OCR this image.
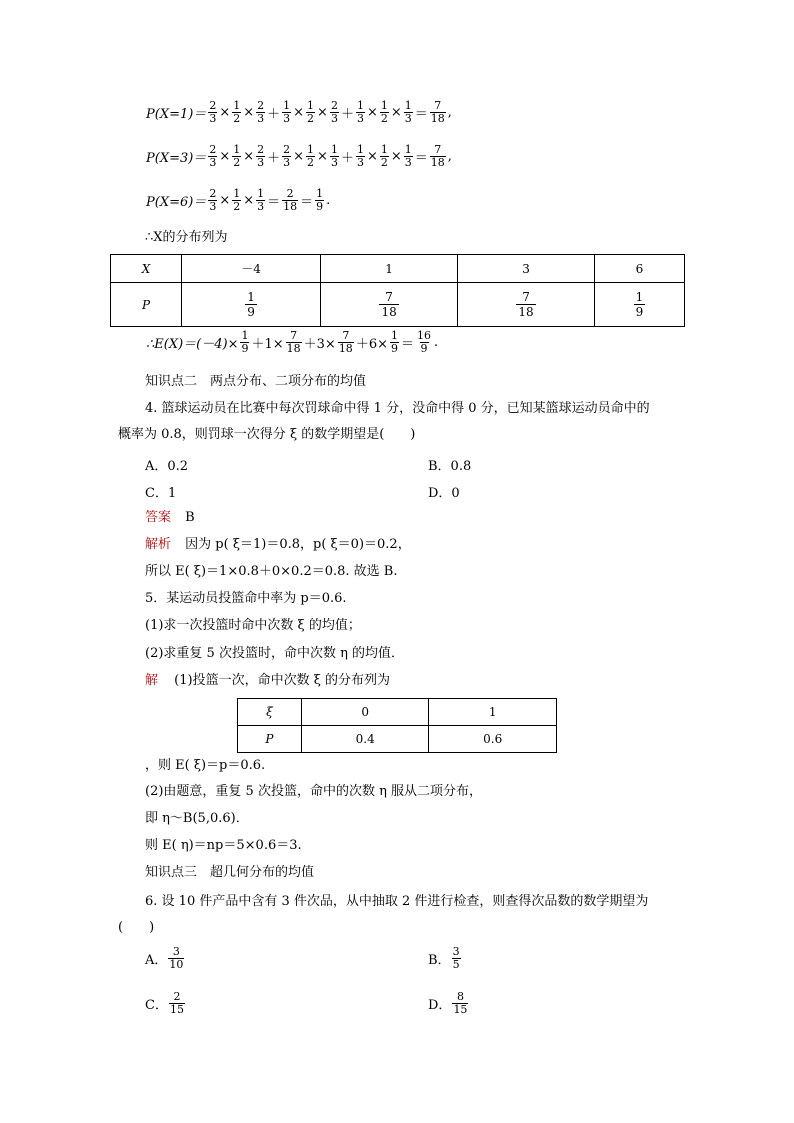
$P(X=1)= \frac{2}{3} \times \frac{1}{2} \times \frac{2}{3} + \frac{1}{3} \times \frac{1}{2} \times \frac{2}{3} + \frac{1}{3} \times \frac{1}{2} \times \frac{1}{3} = \frac{7}{18}$ ,
$P(X=3)= \frac{2}{3} \times \frac{1}{2} \times \frac{2}{3} + \frac{2}{3} \times \frac{1}{2} \times \frac{1}{3} + \frac{1}{3} \times \frac{1}{2} \times \frac{1}{3} = \frac{7}{18}$ ,
$P(X=6)= \frac{2}{3} \times \frac{1}{2} \times \frac{1}{3} = \frac{2}{18} = \frac{1}{9}$ .
∴X的分布列为
X	－4	1	3	6
P	$\frac{1}{9}$	$\frac{7}{18}$	$\frac{7}{18}$	$\frac{1}{9}$
∴E(X)＝(－4)× $\frac{1}{9} +1\times \frac{7}{18} +3\times \frac{7}{18} +6\times \frac{1}{9} = \frac{16}{9}$ .
知识点二　两点分布、二项分布的均值
4. 篮球运动员在比赛中每次罚球命中得 1 分，没命中得 0 分，已知某篮球运动员命中的
概率为 0.8，则罚球一次得分 ξ 的数学期望是(　　)
A．0.2	B．0.8
C．1	D．0
答案 B
解析 因为 p( ξ＝1)＝0.8，p( ξ＝0)＝0.2，
所以 E( ξ)＝1×0.8＋0×0.2＝0.8. 故选 B.
5．某运动员投篮命中率为 p＝0.6.
(1)求一次投篮时命中次数 ξ 的均值；
(2)求重复 5 次投篮时，命中次数 η 的均值．
解 (1)投篮一次，命中次数 ξ 的分布列为
ξ	0	1
P	0.4	0.6
，则 E( ξ)＝p＝0.6.
(2)由题意，重复 5 次投篮，命中的次数 η 服从二项分布，
即 η～B(5,0.6)．
则 E( η)＝np＝5×0.6＝3.
知识点三　超几何分布的均值
6. 设 10 件产品中含有 3 件次品，从中抽取 2 件进行检查，则查得次品数的数学期望为
(　　)
A． $\frac{3}{10}$	B． $\frac{3}{5}$
C． $\frac{2}{15}$	D． $\frac{8}{15}$
